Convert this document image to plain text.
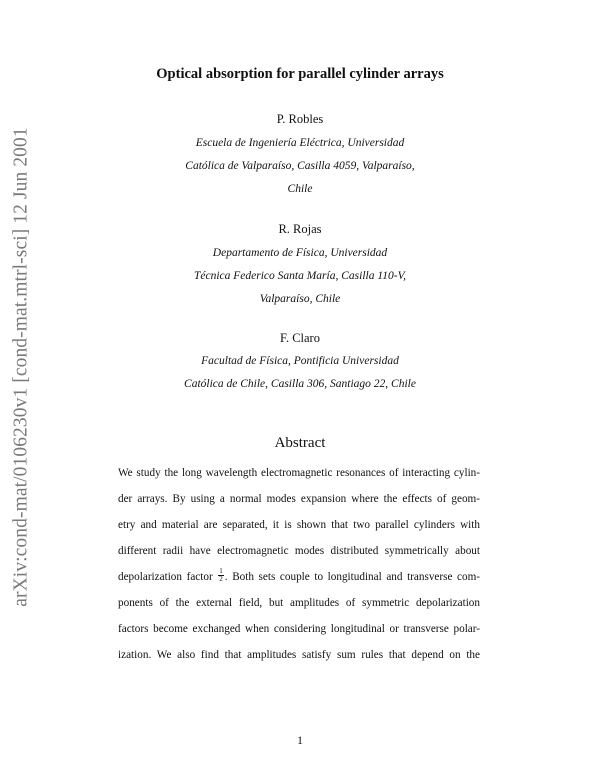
arXiv:cond-mat/0106230v1 [cond-mat.mtrl-sci] 12 Jun 2001
Optical absorption for parallel cylinder arrays
P. Robles
Escuela de Ingeniería Eléctrica, Universidad
Católica de Valparaíso, Casilla 4059, Valparaíso,
Chile
R. Rojas
Departamento de Física, Universidad
Técnica Federico Santa María, Casilla 110-V,
Valparaíso, Chile
F. Claro
Facultad de Física, Pontificia Universidad
Católica de Chile, Casilla 306, Santiago 22, Chile
Abstract
We study the long wavelength electromagnetic resonances of interacting cylin-
der arrays. By using a normal modes expansion where the effects of geom-
etry and material are separated, it is shown that two parallel cylinders with
different radii have electromagnetic modes distributed symmetrically about
depolarization factor $\frac{1}{2}$ . Both sets couple to longitudinal and transverse com-
ponents of the external field, but amplitudes of symmetric depolarization
factors become exchanged when considering longitudinal or transverse polar-
ization. We also find that amplitudes satisfy sum rules that depend on the
1
